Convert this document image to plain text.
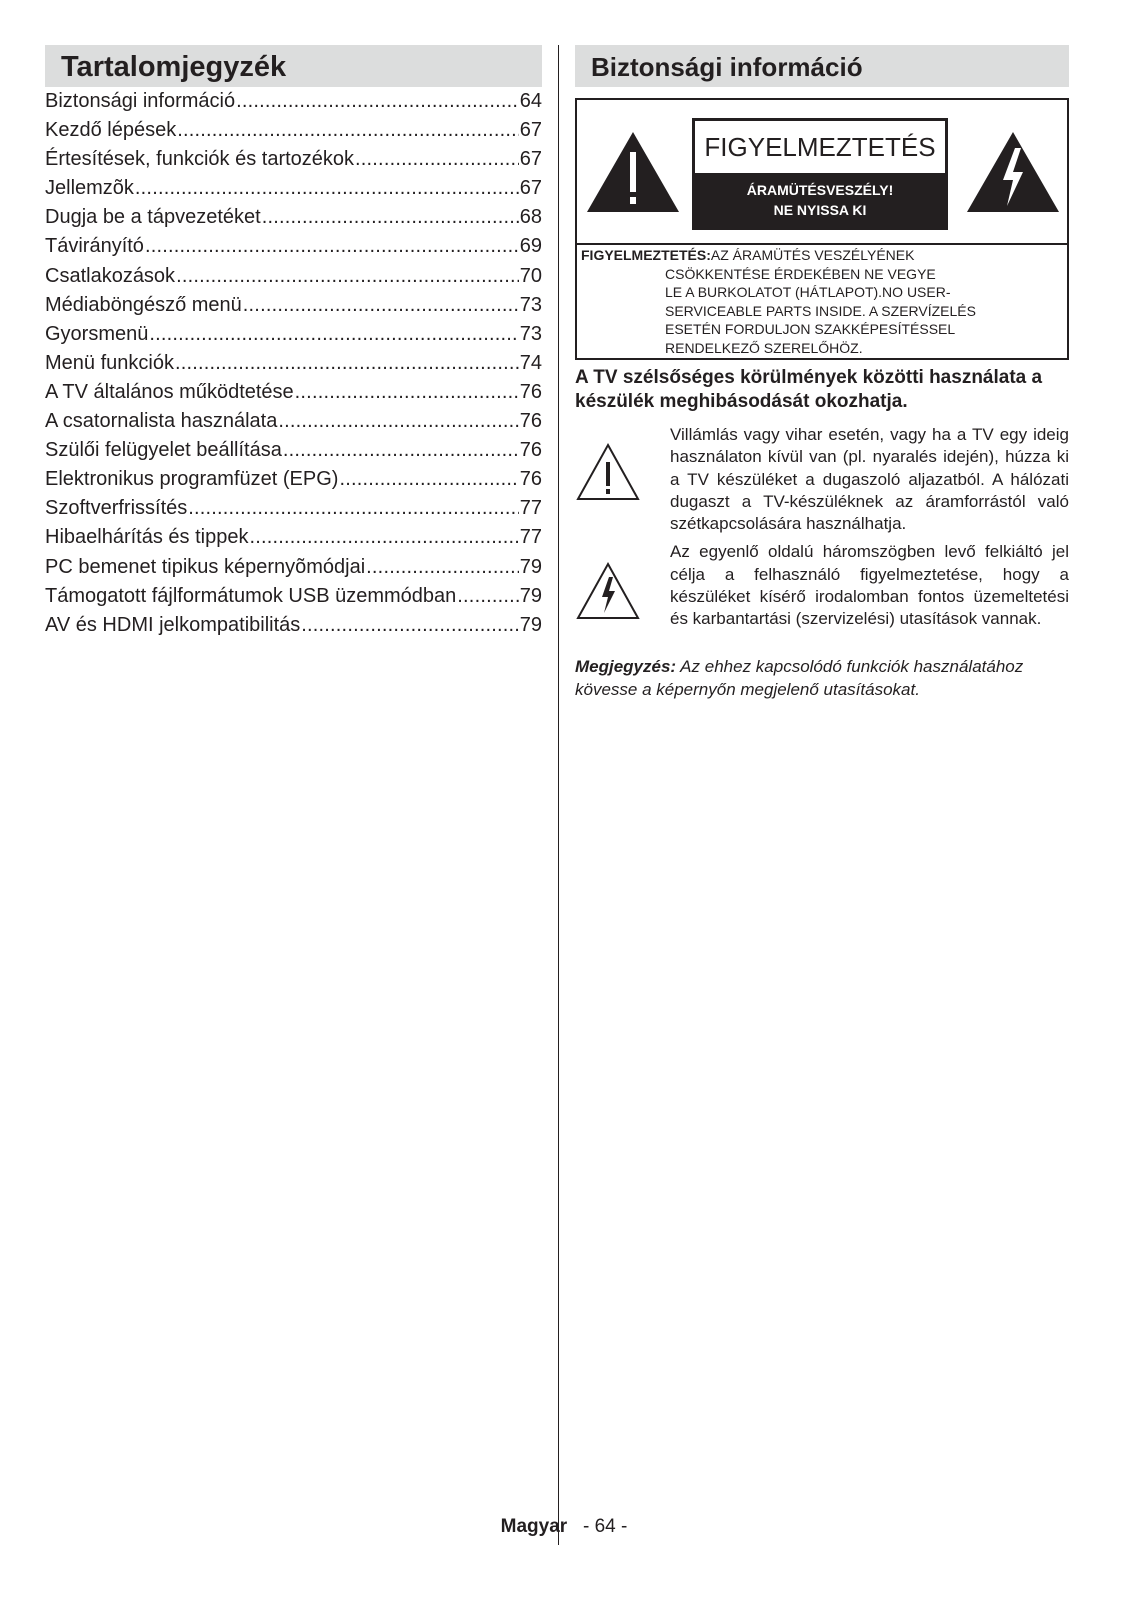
Tartalomjegyzék
Biztonsági információ .....	64
Kezdő lépések .....	67
Értesítések, funkciók és tartozékok .....	67
Jellemzõk .....	67
Dugja be a tápvezetéket .....	68
Távirányító .....	69
Csatlakozások .....	70
Médiaböngésző menü .....	73
Gyorsmenü .....	73
Menü funkciók .....	74
A TV általános működtetése .....	76
A csatornalista használata .....	76
Szülői felügyelet beállítása .....	76
Elektronikus programfüzet (EPG) .....	76
Szoftverfrissítés .....	77
Hibaelhárítás és tippek .....	77
PC bemenet tipikus képernyõmódjai .....	79
Támogatott fájlformátumok USB üzemmódban .....	79
AV és HDMI jelkompatibilitás .....	79
Biztonsági információ
FIGYELMEZTETÉS
ÁRAMÜTÉSVESZÉLY!
NE NYISSA KI
FIGYELMEZTETÉS:AZ ÁRAMÜTÉS VESZÉLYÉNEK
CSÖKKENTÉSE ÉRDEKÉBEN NE VEGYE
LE A BURKOLATOT (HÁTLAPOT).NO USER-
SERVICEABLE PARTS INSIDE. A SZERVÍZELÉS
ESETÉN FORDULJON SZAKKÉPESÍTÉSSEL
RENDELKEZŐ SZERELŐHÖZ.
A TV szélsőséges körülmények közötti használata a készülék meghibásodását okozhatja.
Villámlás vagy vihar esetén, vagy ha a TV egy ideig használaton kívül van (pl. nyaralés idején), húzza ki a TV készüléket a dugaszoló aljazatból. A hálózati dugaszt a TV-készüléknek az áramforrástól való szétkapcsolására használhatja.
Az egyenlő oldalú háromszögben levő felkiáltó jel célja a felhasználó figyelmeztetése, hogy a készüléket kísérő irodalomban fontos üzemeltetési és karbantartási (szervizelési) utasítások vannak.
Megjegyzés: Az ehhez kapcsolódó funkciók használatához kövesse a képernyőn megjelenő utasításokat.
Magyar - 64 -
